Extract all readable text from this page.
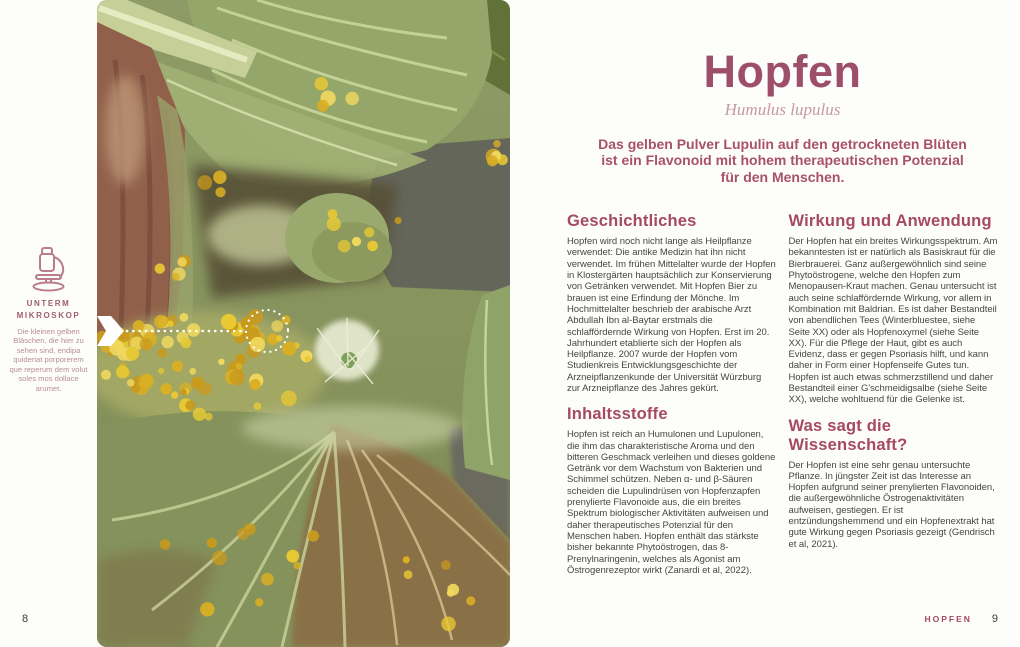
UNTERM MIKROSKOP

Die kleinen gelben Bläschen, die hier zu sehen sind, endipa quideriat porporerem que reperum dem volut soles mos dollace arumet.

8
Hopfen
Humulus lupulus

Das gelben Pulver Lupulin auf den getrockneten Blüten ist ein Flavonoid mit hohem therapeutischen Potenzial für den Menschen.

Geschichtliches

Hopfen wird noch nicht lange als Heilpflanze verwendet: Die antike Medizin hat ihn nicht verwendet. Im frühen Mittelalter wurde der Hopfen in Klostergärten hauptsächlich zur Konservierung von Getränken verwendet. Mit Hopfen Bier zu brauen ist eine Erfindung der Mönche. Im Hochmittelalter beschrieb der arabische Arzt Abdullah Ibn al-Baytar erstmals die schlaffördernde Wirkung von Hopfen. Erst im 20. Jahrhundert etablierte sich der Hopfen als Heilpflanze. 2007 wurde der Hopfen vom Studienkreis Entwicklungsgeschichte der Arzneipflanzenkunde der Universität Würzburg zur Arzneipflanze des Jahres gekürt.

Inhaltsstoffe

Hopfen ist reich an Humulonen und Lupulonen, die ihm das charakteristische Aroma und den bitteren Geschmack verleihen und dieses goldene Getränk vor dem Wachstum von Bakterien und Schimmel schützen. Neben α- und β-Säuren scheiden die Lupulindrüsen von Hopfenzapfen prenylierte Flavonoide aus, die ein breites Spektrum biologischer Aktivitäten aufweisen und daher therapeutisches Potenzial für den Menschen haben. Hopfen enthält das stärkste bisher bekannte Phytoöstrogen, das 8-Prenylnaringenin, welches als Agonist am Östrogenrezeptor wirkt (Zanardi et al, 2022).

Wirkung und Anwendung

Der Hopfen hat ein breites Wirkungsspektrum. Am bekanntesten ist er natürlich als Basiskraut für die Bierbrauerei. Ganz außergewöhnlich sind seine Phytoöstrogene, welche den Hopfen zum Menopausen-Kraut machen. Genau untersucht ist auch seine schlaffördernde Wirkung, vor allem in Kombination mit Baldrian. Es ist daher Bestandteil von abendlichen Tees (Winterbluestee, siehe Seite XX) oder als Hopfenoxymel (siehe Seite XX). Für die Pflege der Haut, gibt es auch Evidenz, dass er gegen Psoriasis hilft, und kann daher in Form einer Hopfenseife Gutes tun. Hopfen ist auch etwas schmerzstillend und daher Bestandteil einer G'schmeidigsalbe (siehe Seite XX), welche wohltuend für die Gelenke ist.

Was sagt die Wissenschaft?

Der Hopfen ist eine sehr genau untersuchte Pflanze. In jüngster Zeit ist das Interesse an Hopfen aufgrund seiner prenylierten Flavonoiden, die außergewöhnliche Östrogenaktivitäten aufweisen, gestiegen. Er ist entzündungshemmend und ein Hopfenextrakt hat gute Wirkung gegen Psoriasis gezeigt (Gendrisch et al, 2021).

HOPFEN 9
